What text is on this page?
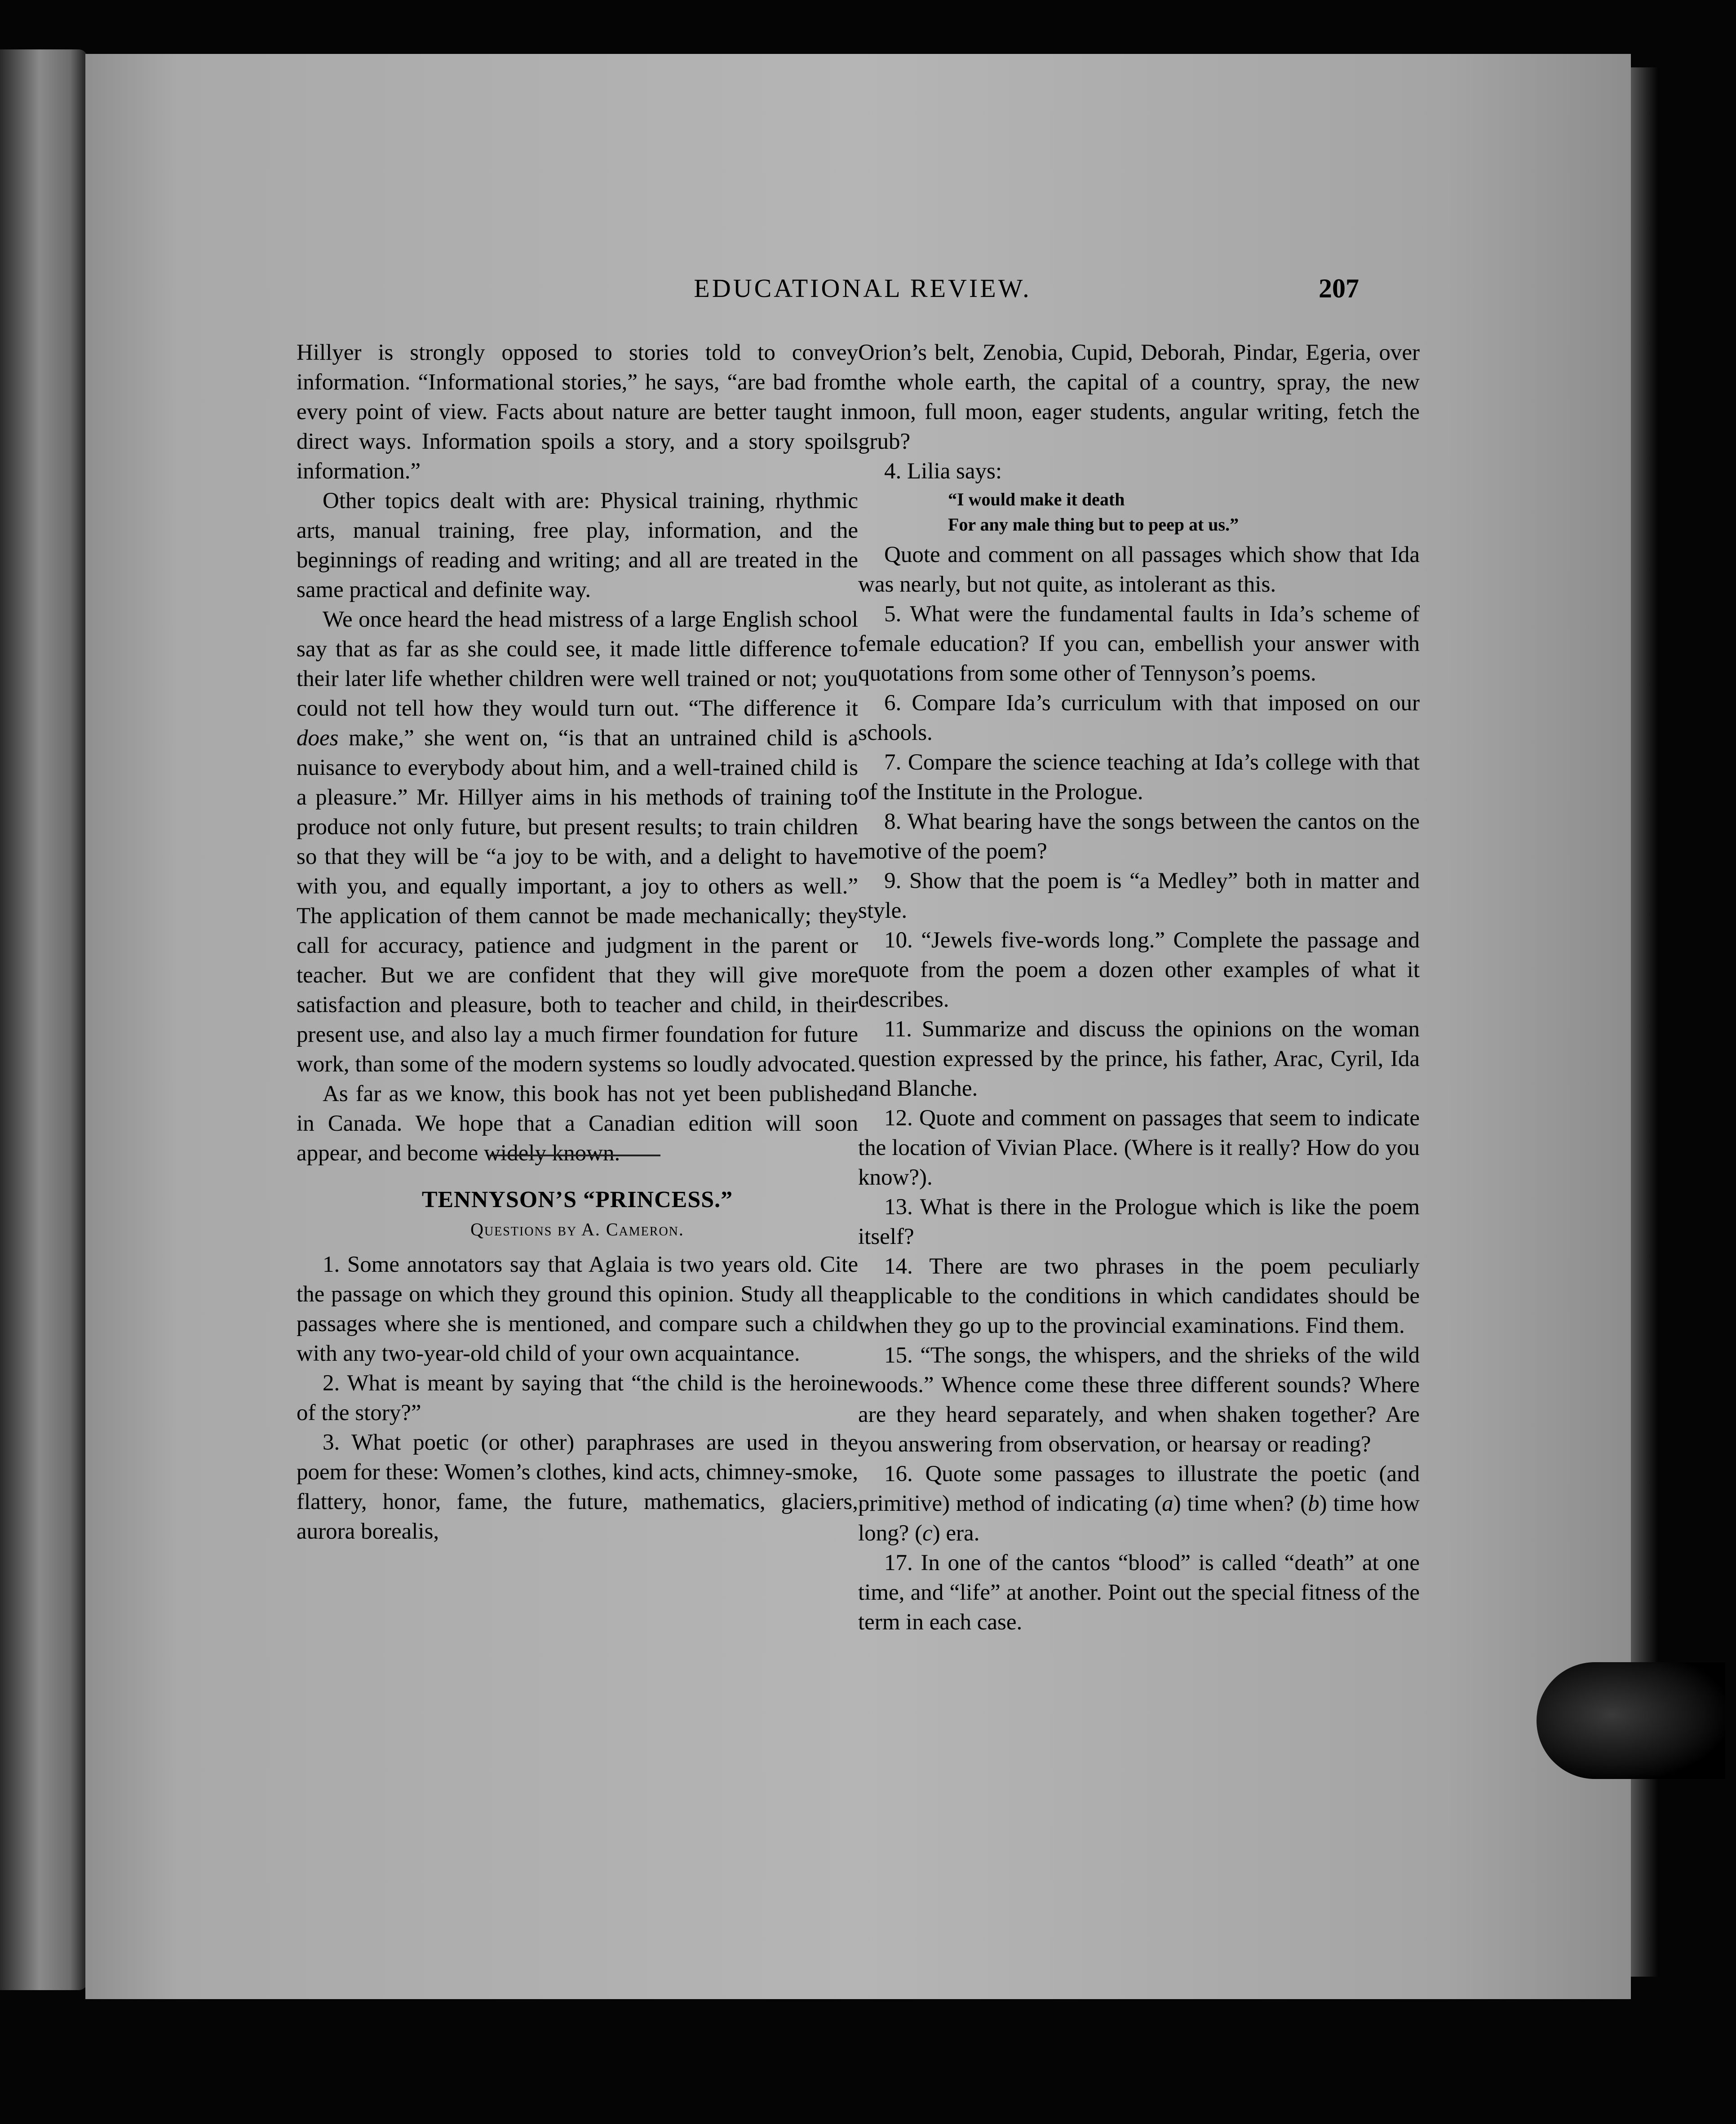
EDUCATIONAL REVIEW.	207

Hillyer is strongly opposed to stories told to convey information. “Informational stories,” he says, “are bad from every point of view. Facts about nature are better taught in direct ways. Information spoils a story, and a story spoils information.”

Other topics dealt with are: Physical training, rhythmic arts, manual training, free play, information, and the beginnings of reading and writing; and all are treated in the same practical and definite way.

We once heard the head mistress of a large English school say that as far as she could see, it made little difference to their later life whether children were well trained or not; you could not tell how they would turn out. “The difference it does make,” she went on, “is that an untrained child is a nuisance to everybody about him, and a well-trained child is a pleasure.” Mr. Hillyer aims in his methods of training to produce not only future, but present results; to train children so that they will be “a joy to be with, and a delight to have with you, and equally important, a joy to others as well.” The application of them cannot be made mechanically; they call for accuracy, patience and judgment in the parent or teacher. But we are confident that they will give more satisfaction and pleasure, both to teacher and child, in their present use, and also lay a much firmer foundation for future work, than some of the modern systems so loudly advocated.

As far as we know, this book has not yet been published in Canada. We hope that a Canadian edition will soon appear, and become widely known.

TENNYSON’S “PRINCESS.”
Questions by A. Cameron.

1. Some annotators say that Aglaia is two years old. Cite the passage on which they ground this opinion. Study all the passages where she is mentioned, and compare such a child with any two-year-old child of your own acquaintance.

2. What is meant by saying that “the child is the heroine of the story?”

3. What poetic (or other) paraphrases are used in the poem for these: Women’s clothes, kind acts, chimney-smoke, flattery, honor, fame, the future, mathematics, glaciers, aurora borealis,

Orion’s belt, Zenobia, Cupid, Deborah, Pindar, Egeria, over the whole earth, the capital of a country, spray, the new moon, full moon, eager students, angular writing, fetch the grub?

4. Lilia says:

“I would make it death
For any male thing but to peep at us.”

Quote and comment on all passages which show that Ida was nearly, but not quite, as intolerant as this.

5. What were the fundamental faults in Ida’s scheme of female education? If you can, embellish your answer with quotations from some other of Tennyson’s poems.

6. Compare Ida’s curriculum with that imposed on our schools.

7. Compare the science teaching at Ida’s college with that of the Institute in the Prologue.

8. What bearing have the songs between the cantos on the motive of the poem?

9. Show that the poem is “a Medley” both in matter and style.

10. “Jewels five-words long.” Complete the passage and quote from the poem a dozen other examples of what it describes.

11. Summarize and discuss the opinions on the woman question expressed by the prince, his father, Arac, Cyril, Ida and Blanche.

12. Quote and comment on passages that seem to indicate the location of Vivian Place. (Where is it really? How do you know?).

13. What is there in the Prologue which is like the poem itself?

14. There are two phrases in the poem peculiarly applicable to the conditions in which candidates should be when they go up to the provincial examinations. Find them.

15. “The songs, the whispers, and the shrieks of the wild woods.” Whence come these three different sounds? Where are they heard separately, and when shaken together? Are you answering from observation, or hearsay or reading?

16. Quote some passages to illustrate the poetic (and primitive) method of indicating (a) time when? (b) time how long? (c) era.

17. In one of the cantos “blood” is called “death” at one time, and “life” at another. Point out the special fitness of the term in each case.
